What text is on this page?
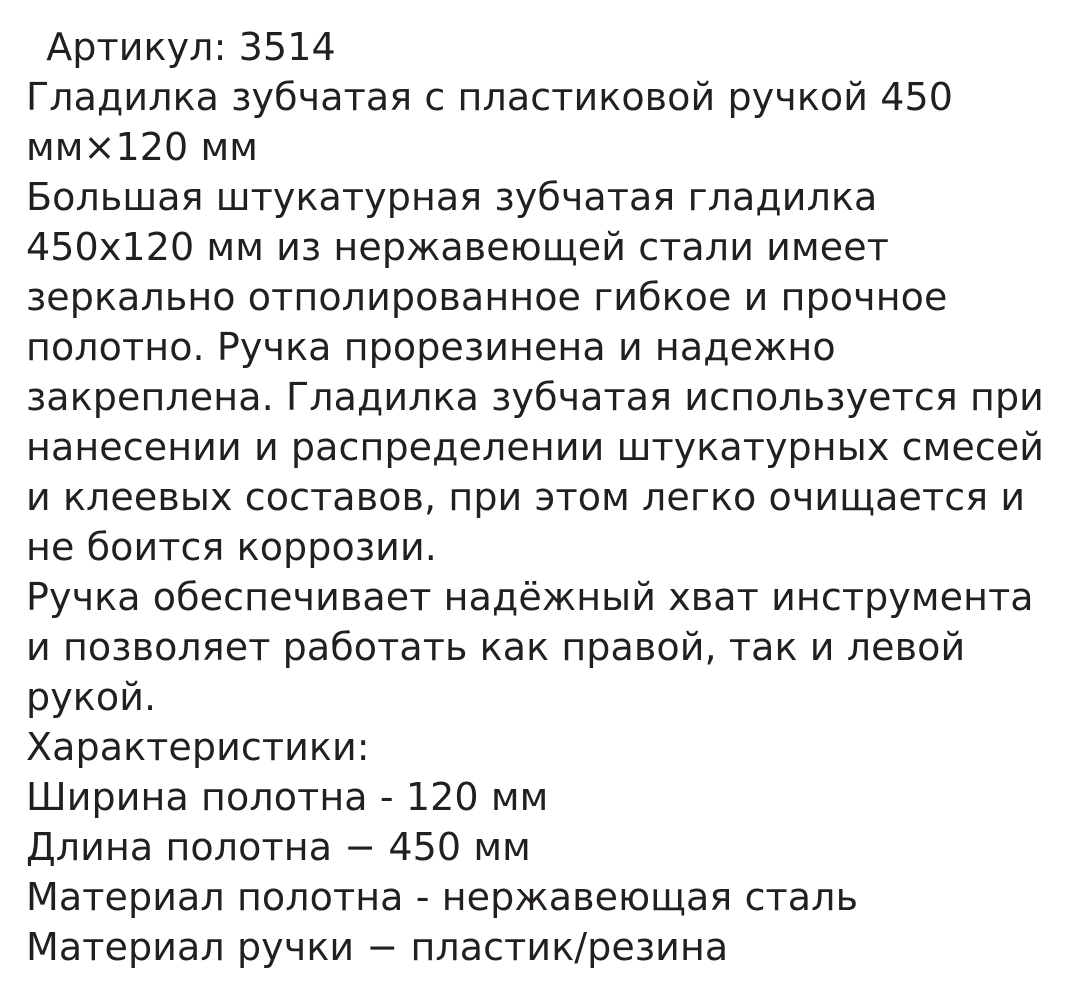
Артикул: 3514
Гладилка зубчатая с пластиковой ручкой 450 мм×120 мм
Большая штукатурная зубчатая гладилка 450х120 мм из нержавеющей стали имеет зеркально отполированное гибкое и прочное полотно. Ручка прорезинена и надежно закреплена. Гладилка зубчатая используется при нанесении и распределении штукатурных смесей и клеевых составов, при этом легко очищается и не боится коррозии.
Ручка обеспечивает надёжный хват инструмента и позволяет работать как правой, так и левой рукой.
Характеристики:
Ширина полотна - 120 мм
Длина полотна − 450 мм
Материал полотна - нержавеющая сталь
Материал ручки − пластик/резина
